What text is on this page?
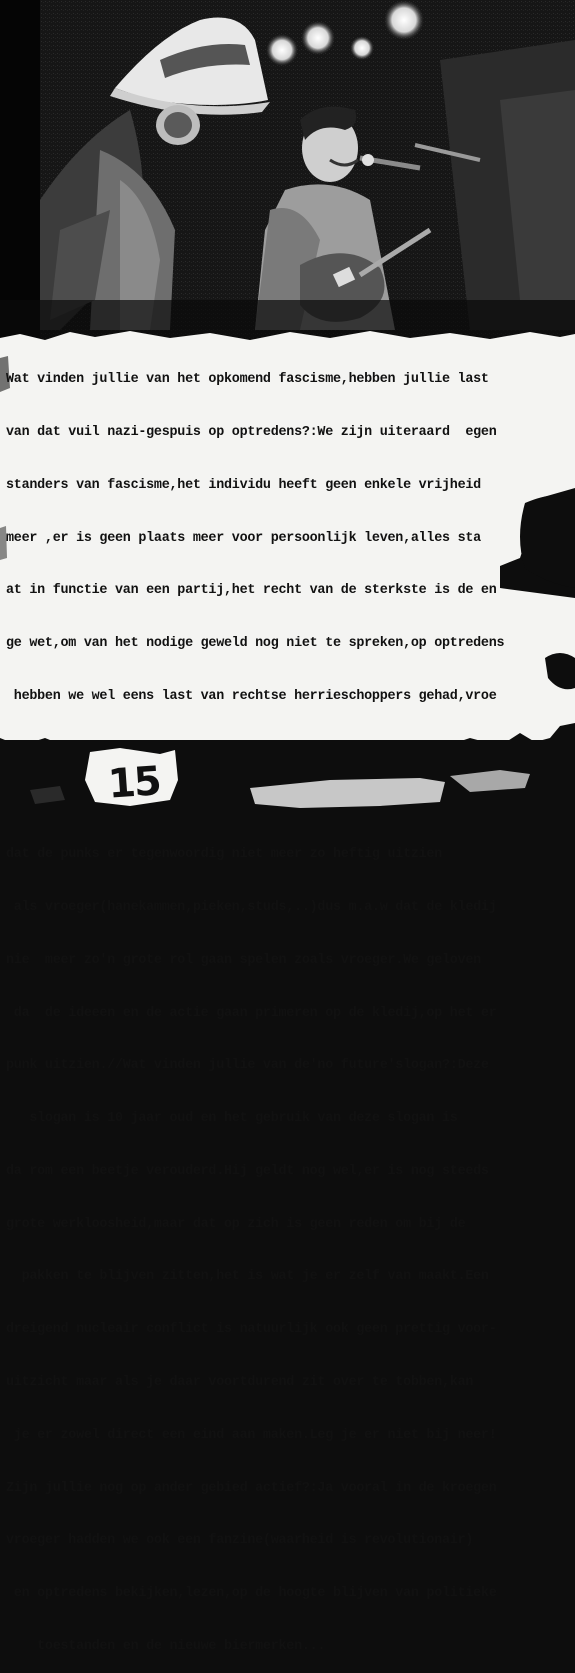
Wat vinden jullie van het opkomend fascisme,hebben jullie last

van dat vuil nazi-gespuis op optredens?:We zijn uiteraard  egen

standers van fascisme,het individu heeft geen enkele vrijheid

meer ,er is geen plaats meer voor persoonlijk leven,alles sta

at in functie van een partij,het recht van de sterkste is de en

ge wet,om van het nodige geweld nog niet te spreken,op optredens

hebben we wel eens last van rechtse herrieschoppers gehad,vroe

dat de punks er tegenwoordig niet meer zo heftig uitzien

als vroeger(hanekammen,pieken,studs,..)dus m.a.w dat de kledij

nie  meer zo'n grote rol gaan spelen zoals vroeger.We geloven

da  de ideeen en de actie gaan primeren op de kledij,op het er

punk uitzien.//Wat vinden jullie van de'no future'slogan?:Deze

slogan is 10 jaar oud en het gebruik van deze slogan is

da rom een beetje verouderd.Hij geldt nog wel,er is nog steeds

grote werkloosheid,maar dat op zich is geen reden om bij de

pakken te blijven zitten,het is wat je er zelf van maakt.Een

dreigend nucleair conflict is natuurlijk ook geen prettig voor-

uitzicht maar als je daar voortdurend zit over te tobben,kan

je er zowel direct een eind aan maken.Leg je er niet bij neer!

Zijn jullie nog op ander gebied actief?:Ja vooral in de kroegen

vroeger hadden we ook een fanzine(waarheid is revolutionair)

en optredens bekijken,lezen,op de hoogte blijven van politieke

toestanden en de nieuwe biermerken...

15
